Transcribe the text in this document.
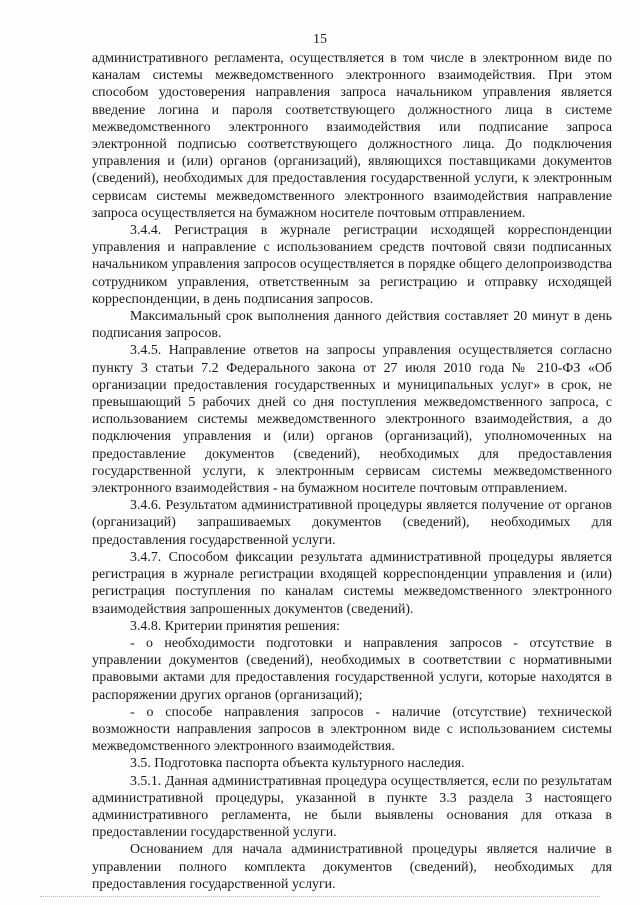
15

административного регламента, осуществляется в том числе в электронном виде по каналам системы межведомственного электронного взаимодействия. При этом способом удостоверения направления запроса начальником управления является введение логина и пароля соответствующего должностного лица в системе межведомственного электронного взаимодействия или подписание запроса электронной подписью соответствующего должностного лица. До подключения управления и (или) органов (организаций), являющихся поставщиками документов (сведений), необходимых для предоставления государственной услуги, к электронным сервисам системы межведомственного электронного взаимодействия направление запроса осуществляется на бумажном носителе почтовым отправлением.

3.4.4. Регистрация в журнале регистрации исходящей корреспонденции управления и направление с использованием средств почтовой связи подписанных начальником управления запросов осуществляется в порядке общего делопроизводства сотрудником управления, ответственным за регистрацию и отправку исходящей корреспонденции, в день подписания запросов.

Максимальный срок выполнения данного действия составляет 20 минут в день подписания запросов.

3.4.5. Направление ответов на запросы управления осуществляется согласно пункту 3 статьи 7.2 Федерального закона от 27 июля 2010 года № 210-ФЗ «Об организации предоставления государственных и муниципальных услуг» в срок, не превышающий 5 рабочих дней со дня поступления межведомственного запроса, с использованием системы межведомственного электронного взаимодействия, а до подключения управления и (или) органов (организаций), уполномоченных на предоставление документов (сведений), необходимых для предоставления государственной услуги, к электронным сервисам системы межведомственного электронного взаимодействия - на бумажном носителе почтовым отправлением.

3.4.6. Результатом административной процедуры является получение от органов (организаций) запрашиваемых документов (сведений), необходимых для предоставления государственной услуги.

3.4.7. Способом фиксации результата административной процедуры является регистрация в журнале регистрации входящей корреспонденции управления и (или) регистрация поступления по каналам системы межведомственного электронного взаимодействия запрошенных документов (сведений).

3.4.8. Критерии принятия решения:

- о необходимости подготовки и направления запросов - отсутствие в управлении документов (сведений), необходимых в соответствии с нормативными правовыми актами для предоставления государственной услуги, которые находятся в распоряжении других органов (организаций);

- о способе направления запросов - наличие (отсутствие) технической возможности направления запросов в электронном виде с использованием системы межведомственного электронного взаимодействия.

3.5. Подготовка паспорта объекта культурного наследия.

3.5.1. Данная административная процедура осуществляется, если по результатам административной процедуры, указанной в пункте 3.3 раздела 3 настоящего административного регламента, не были выявлены основания для отказа в предоставлении государственной услуги.

Основанием для начала административной процедуры является наличие в управлении полного комплекта документов (сведений), необходимых для предоставления государственной услуги.
